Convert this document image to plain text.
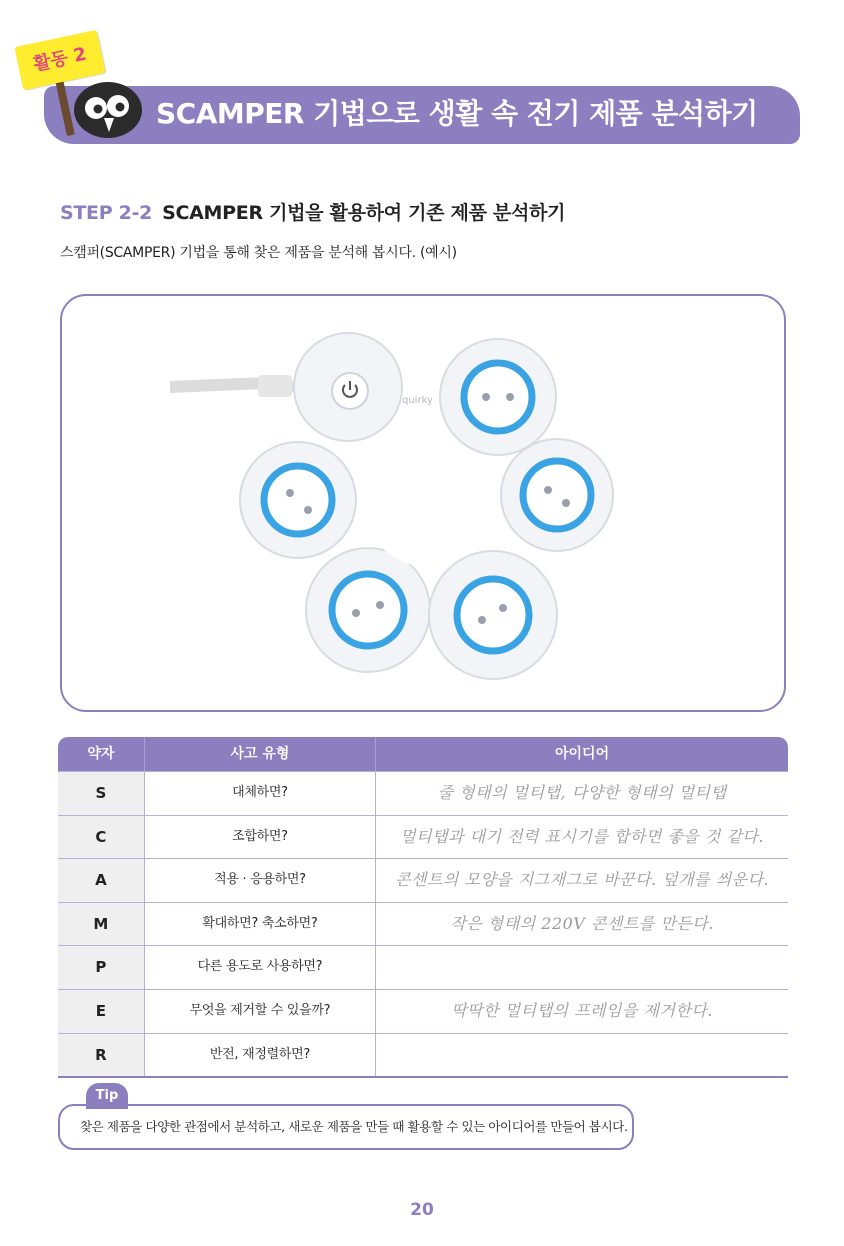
활동 2
SCAMPER 기법으로 생활 속 전기 제품 분석하기
STEP 2-2 SCAMPER 기법을 활용하여 기존 제품 분석하기
스캠퍼(SCAMPER) 기법을 통해 찾은 제품을 분석해 봅시다. (예시)
quirky
약자	사고 유형	아이디어
S	대체하면?	줄 형태의 멀티탭, 다양한 형태의 멀티탭
C	조합하면?	멀티탭과 대기 전력 표시기를 합하면 좋을 것 같다.
A	적용 · 응용하면?	콘센트의 모양을 지그재그로 바꾼다. 덮개를 씌운다.
M	확대하면? 축소하면?	작은 형태의 220V 콘센트를 만든다.
P	다른 용도로 사용하면?
E	무엇을 제거할 수 있을까?	딱딱한 멀티탭의 프레임을 제거한다.
R	반전, 재정렬하면?
Tip
찾은 제품을 다양한 관점에서 분석하고, 새로운 제품을 만들 때 활용할 수 있는 아이디어를 만들어 봅시다.
20
